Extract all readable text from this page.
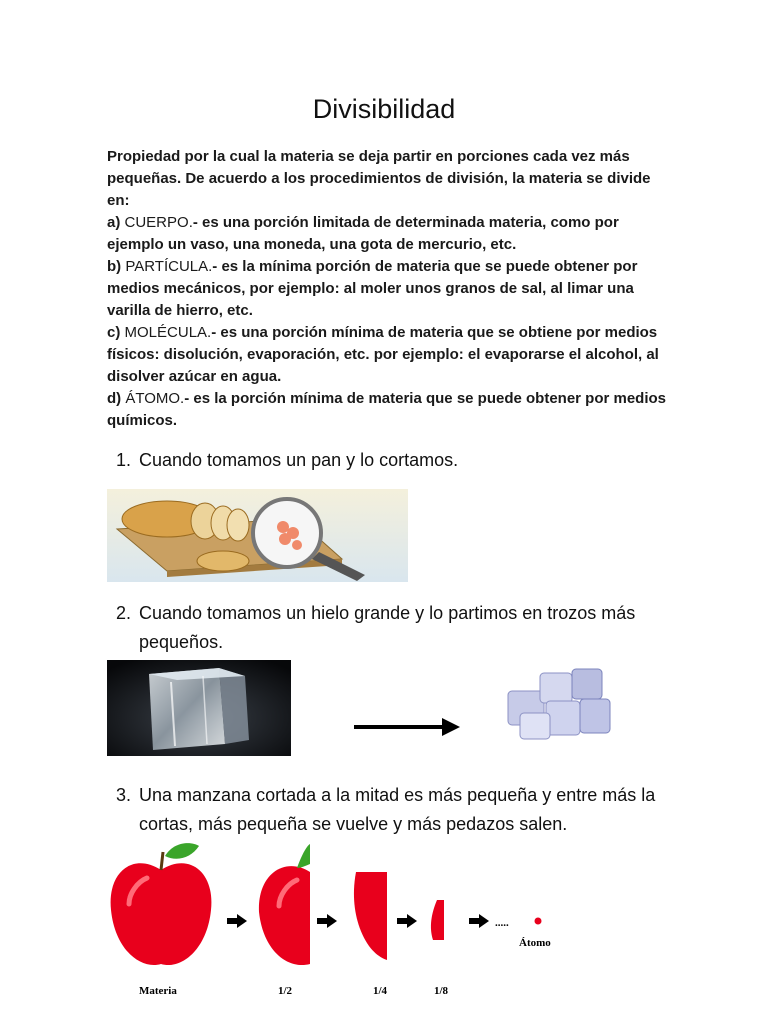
Divisibilidad

Propiedad por la cual la materia se deja partir en porciones cada vez más pequeñas. De acuerdo a los procedimientos de división, la materia se divide en:

a) CUERPO.- es una porción limitada de determinada materia, como por ejemplo un vaso, una moneda, una gota de mercurio, etc.

b) PARTÍCULA.- es la mínima porción de materia que se puede obtener por medios mecánicos, por ejemplo: al moler unos granos de sal, al limar una varilla de hierro, etc.

c) MOLÉCULA.- es una porción mínima de materia que se obtiene por medios físicos: disolución, evaporación, etc. por ejemplo: el evaporarse el alcohol, al disolver azúcar en agua.

d) ÁTOMO.- es la porción mínima de materia que se puede obtener por medios químicos.

1. Cuando tomamos un pan y lo cortamos.
2. Cuando tomamos un hielo grande y lo partimos en trozos más pequeños.
3. Una manzana cortada a la mitad es más pequeña y entre más la cortas, más pequeña se vuelve y más pedazos salen.
.....
Átomo
Materia	1/2	1/4	1/8
